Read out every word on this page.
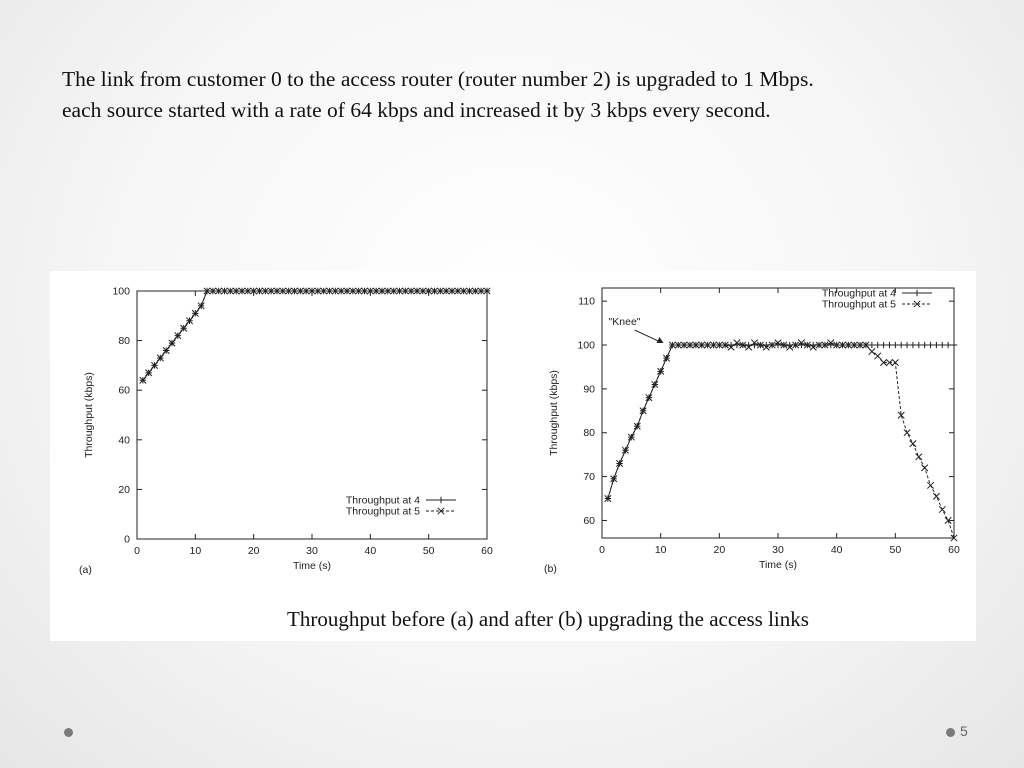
The link from customer 0 to the access router (router number 2) is upgraded to 1 Mbps.

each source started with a rate of 64 kbps and increased it by 3 kbps every second.

0	10	20	30	40	50	60
0
20
40
60
80
100
Time (s)
Throughput (kbps)
(a)
Throughput at 4
Throughput at 5
0	10	20	30	40	50	60
60
70
80
90
100
110
Time (s)
Throughput (kbps)
(b)
Throughput at 4
Throughput at 5
"Knee"
Throughput before (a) and after (b) upgrading the access links
5
